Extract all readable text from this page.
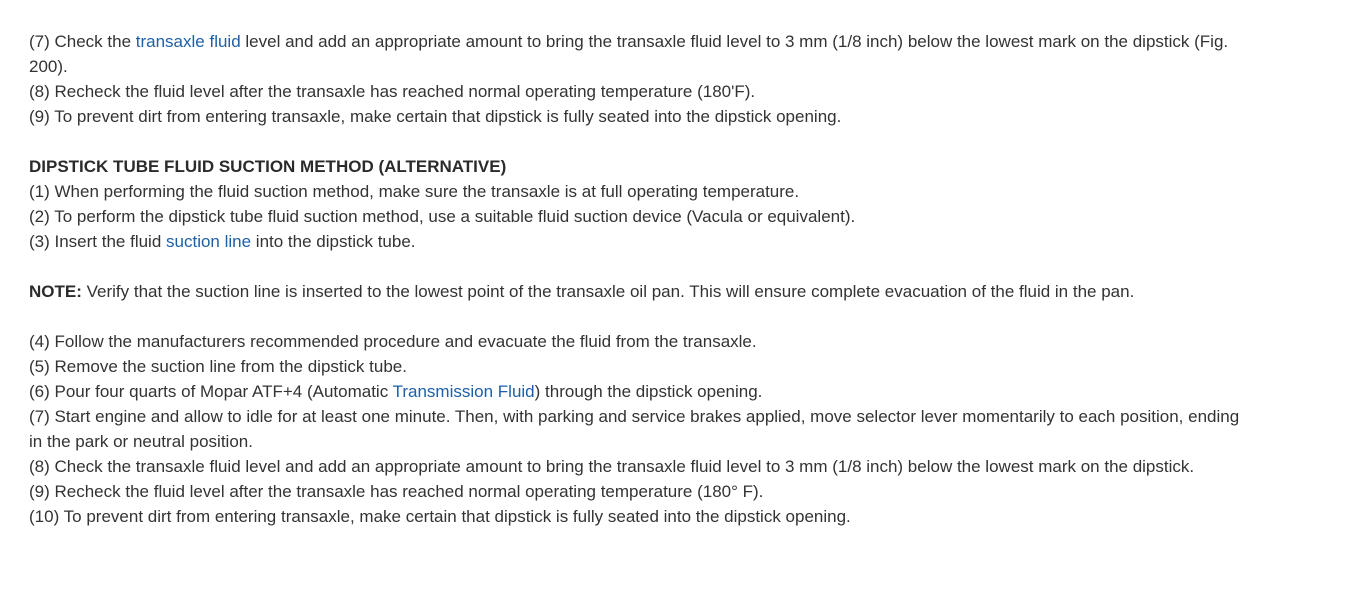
(7) Check the transaxle fluid level and add an appropriate amount to bring the transaxle fluid level to 3 mm (1/8 inch) below the lowest mark on the dipstick (Fig. 200).

(8) Recheck the fluid level after the transaxle has reached normal operating temperature (180'F).

(9) To prevent dirt from entering transaxle, make certain that dipstick is fully seated into the dipstick opening.

DIPSTICK TUBE FLUID SUCTION METHOD (ALTERNATIVE)

(1) When performing the fluid suction method, make sure the transaxle is at full operating temperature.

(2) To perform the dipstick tube fluid suction method, use a suitable fluid suction device (Vacula or equivalent).

(3) Insert the fluid suction line into the dipstick tube.

NOTE: Verify that the suction line is inserted to the lowest point of the transaxle oil pan. This will ensure complete evacuation of the fluid in the pan.

(4) Follow the manufacturers recommended procedure and evacuate the fluid from the transaxle.

(5) Remove the suction line from the dipstick tube.

(6) Pour four quarts of Mopar ATF+4 (Automatic Transmission Fluid) through the dipstick opening.

(7) Start engine and allow to idle for at least one minute. Then, with parking and service brakes applied, move selector lever momentarily to each position, ending in the park or neutral position.

(8) Check the transaxle fluid level and add an appropriate amount to bring the transaxle fluid level to 3 mm (1/8 inch) below the lowest mark on the dipstick.

(9) Recheck the fluid level after the transaxle has reached normal operating temperature (180° F).

(10) To prevent dirt from entering transaxle, make certain that dipstick is fully seated into the dipstick opening.
